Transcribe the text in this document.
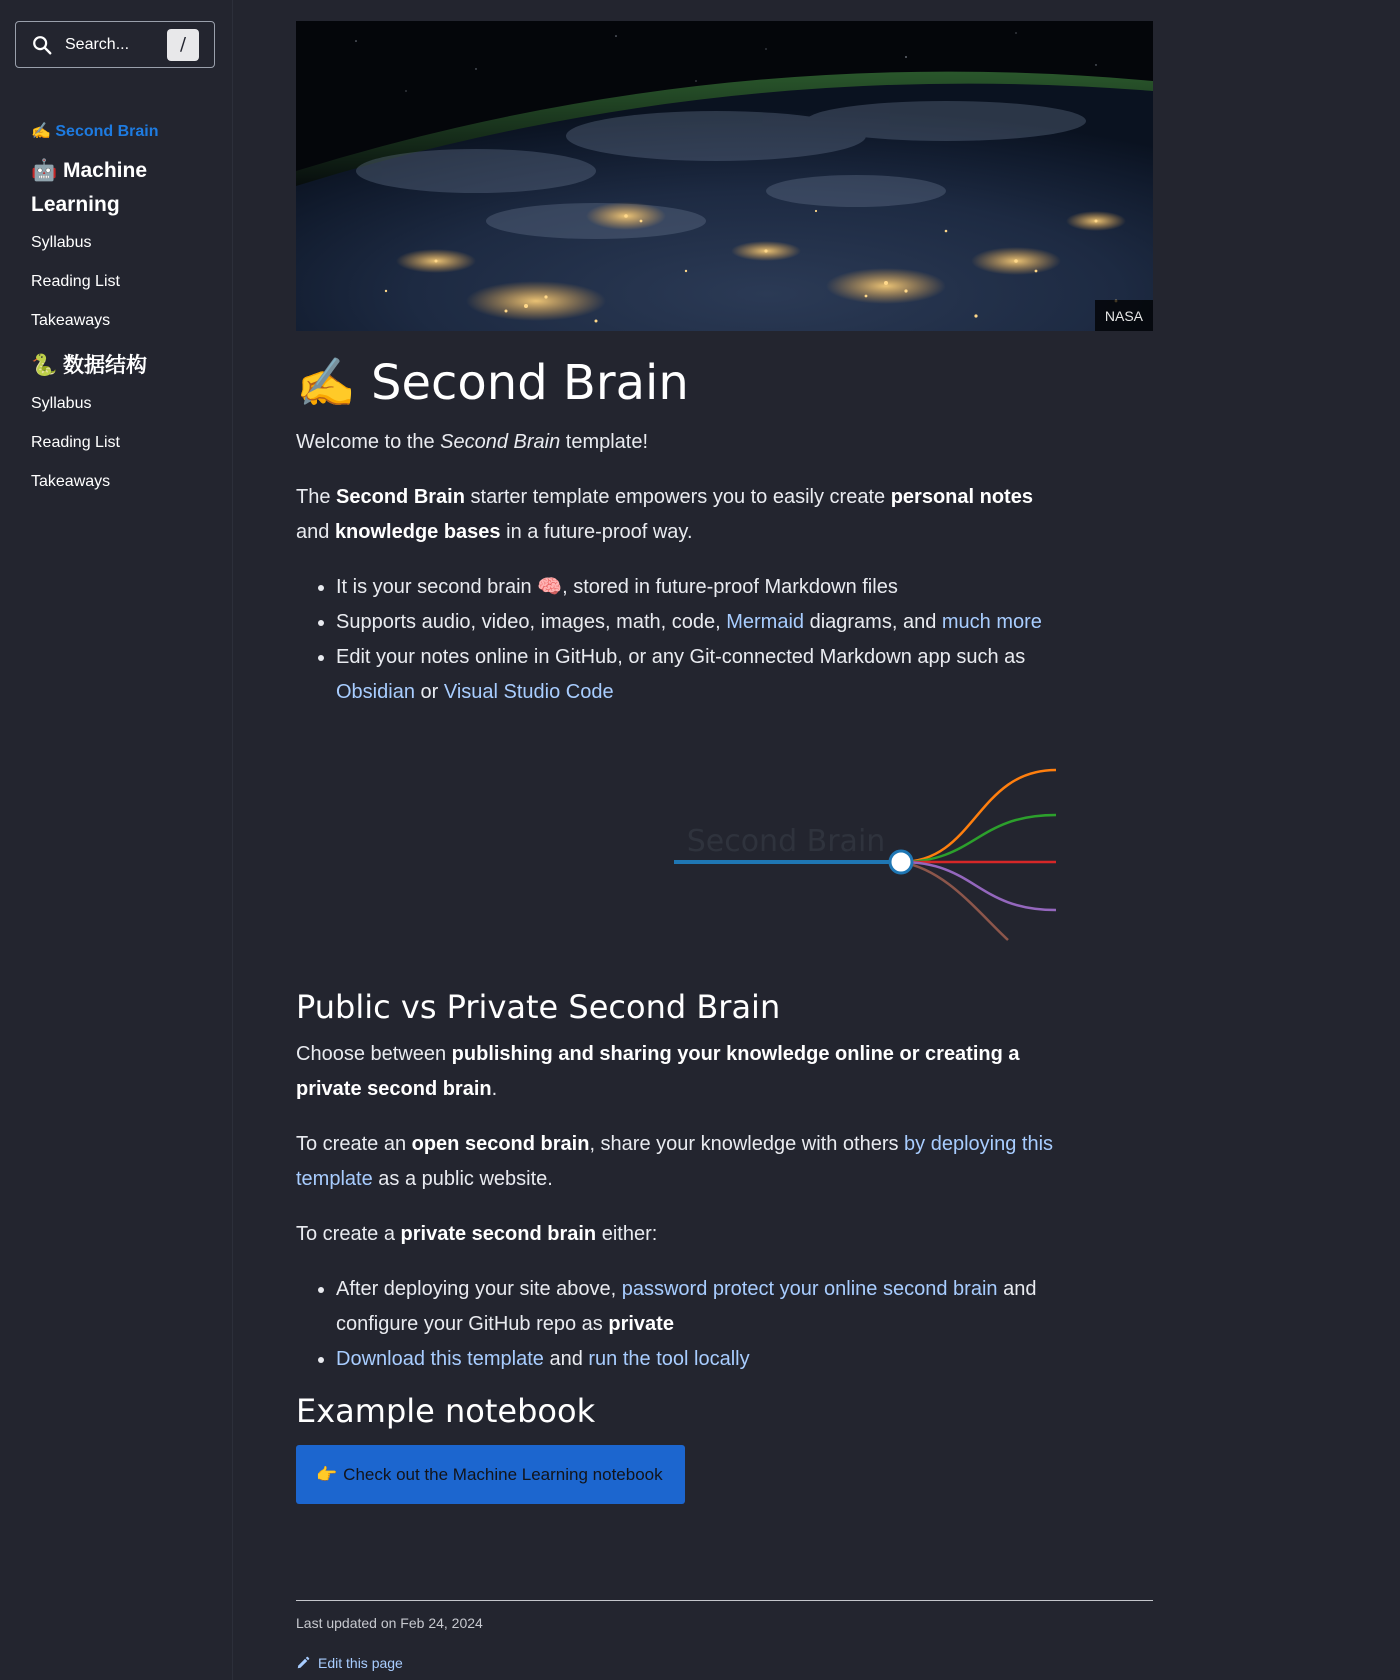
Search...	/
✍️ Second Brain
🤖 Machine Learning
Syllabus
Reading List
Takeaways
🐍 数据结构
Syllabus
Reading List
Takeaways
NASA
✍️ Second Brain

Welcome to the Second Brain template!

The Second Brain starter template empowers you to easily create personal notes and knowledge bases in a future-proof way.

• It is your second brain 🧠, stored in future-proof Markdown files
• Supports audio, video, images, math, code, Mermaid diagrams, and much more
• Edit your notes online in GitHub, or any Git-connected Markdown app such as Obsidian or Visual Studio Code
Second Brain
Public vs Private Second Brain

Choose between publishing and sharing your knowledge online or creating a private second brain.

To create an open second brain, share your knowledge with others by deploying this template as a public website.

To create a private second brain either:

• After deploying your site above, password protect your online second brain and configure your GitHub repo as private
• Download this template and run the tool locally
Example notebook
👉 Check out the Machine Learning notebook
Last updated on Feb 24, 2024
Edit this page
